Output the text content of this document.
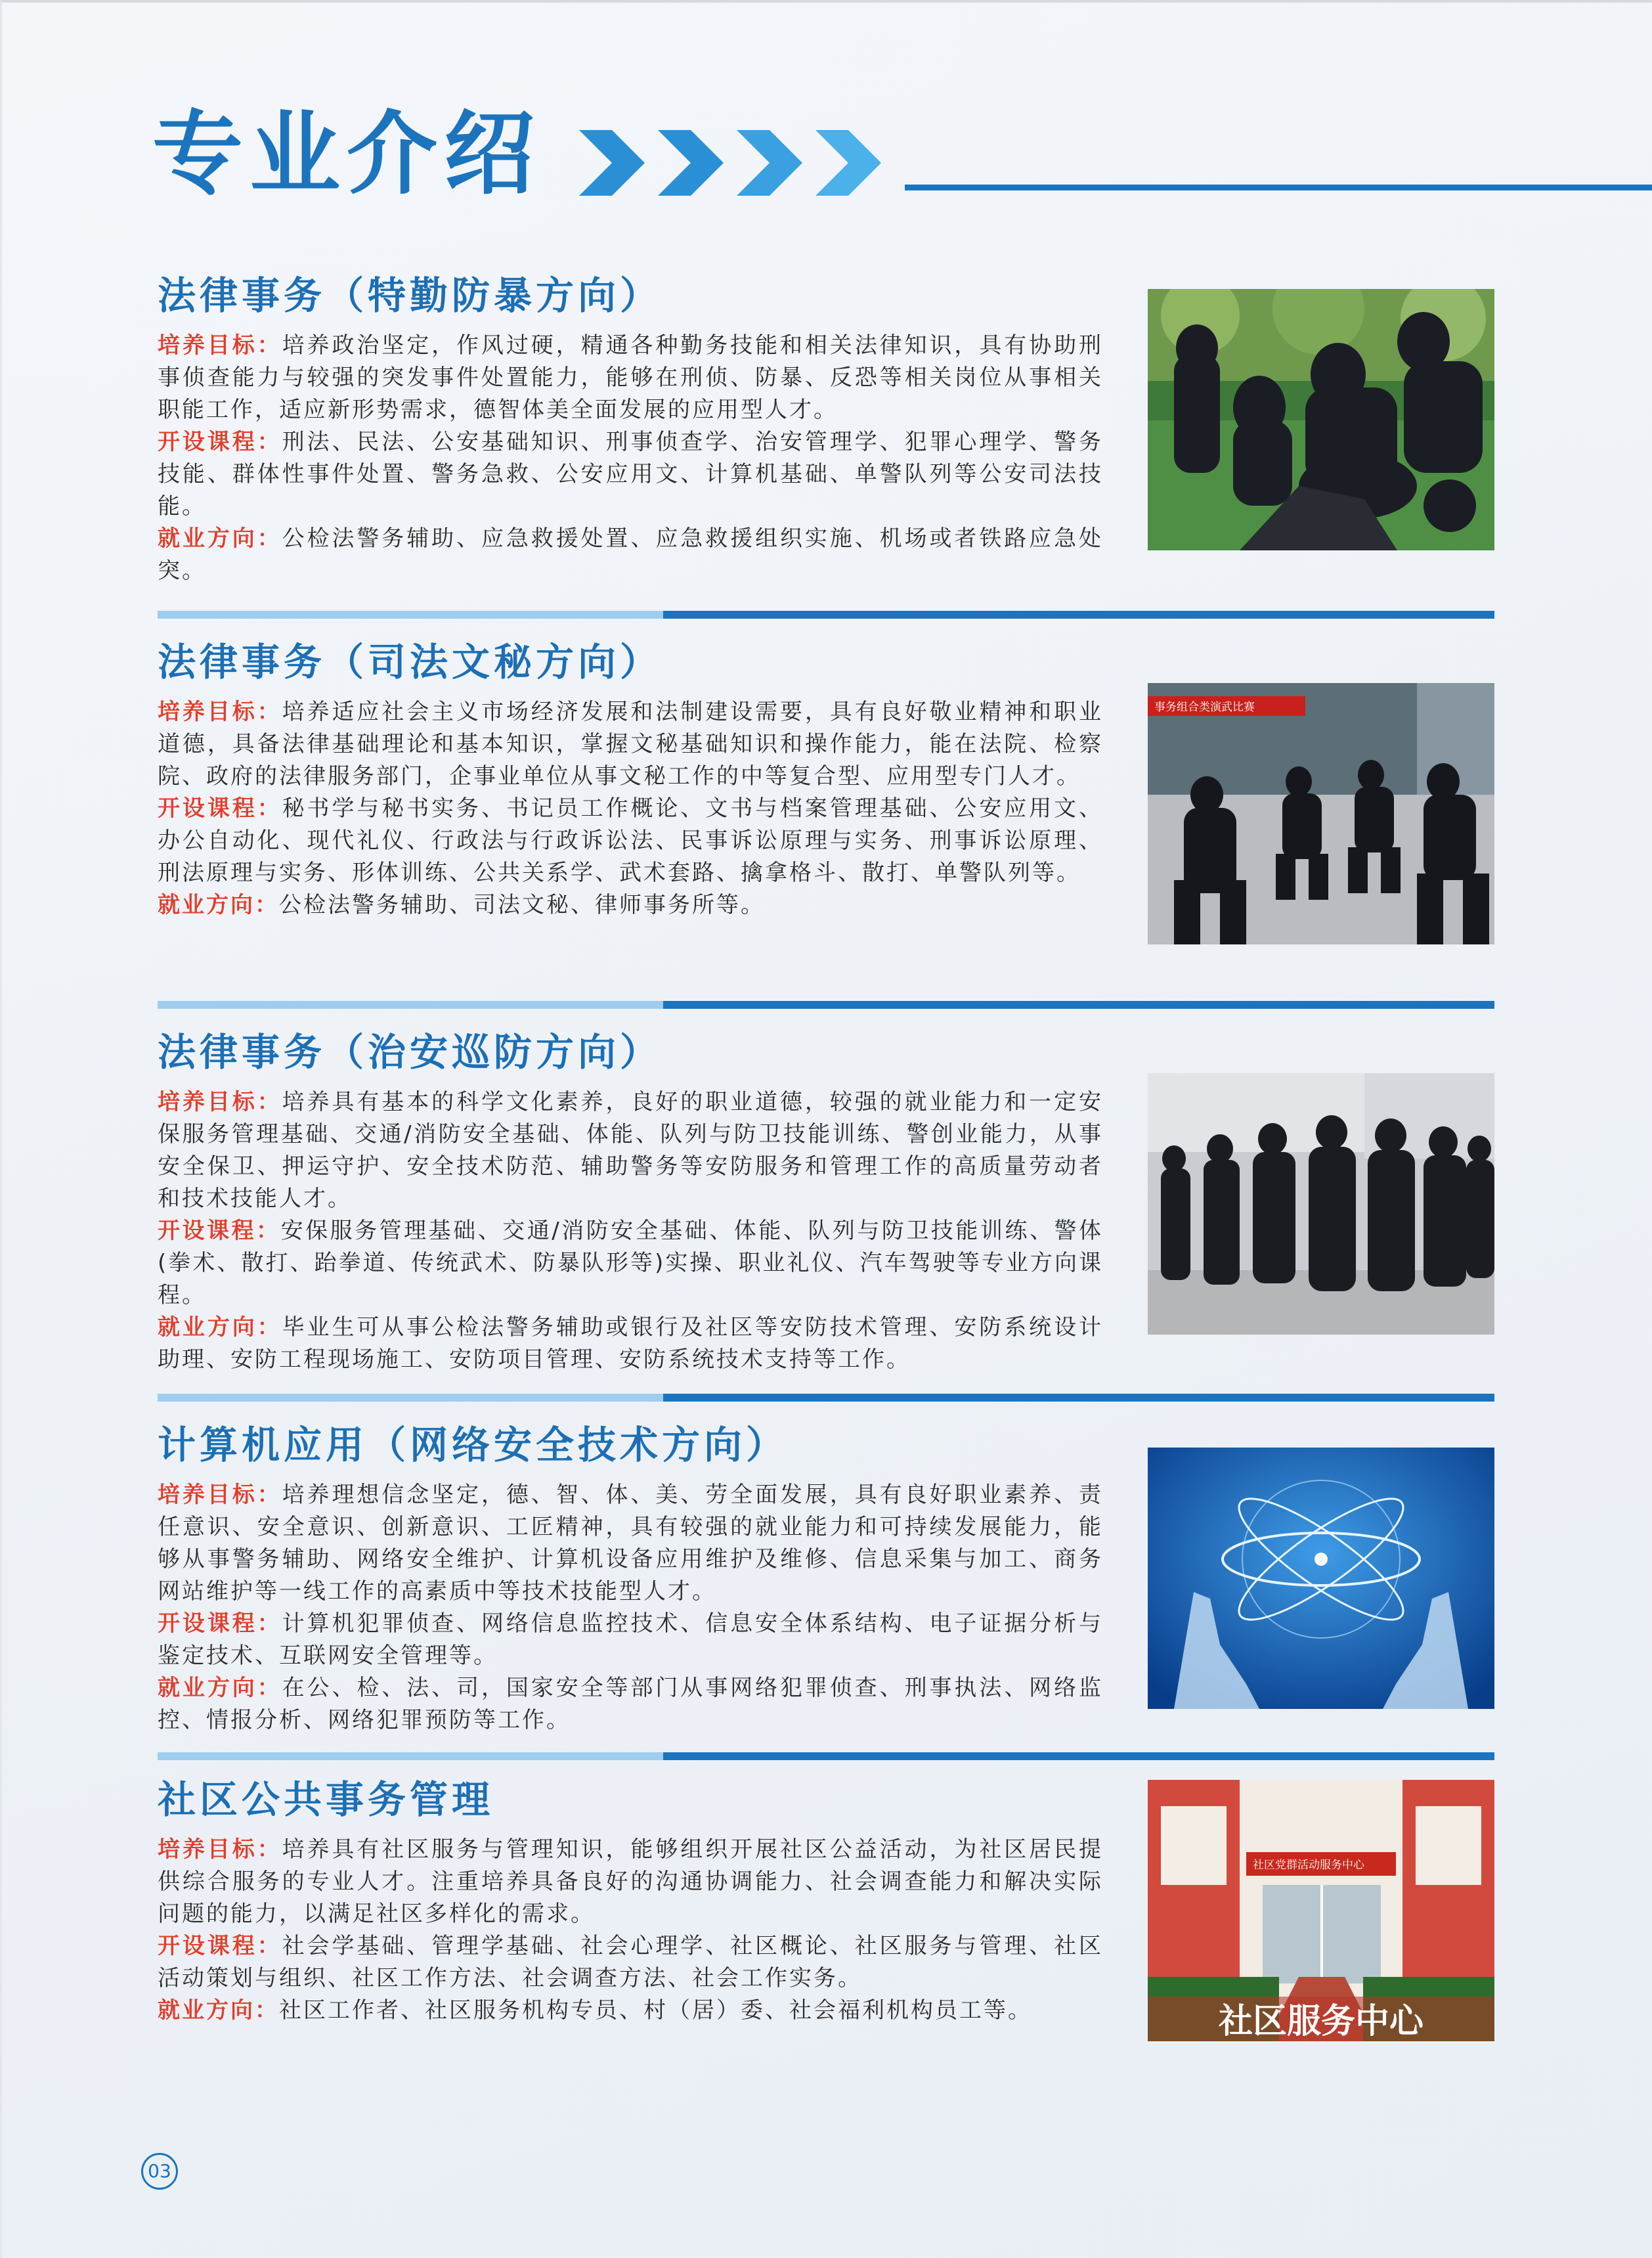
专业介绍
法律事务（特勤防暴方向）

培养目标：培养政治坚定，作风过硬，精通各种勤务技能和相关法律知识，具有协助刑事侦查能力与较强的突发事件处置能力，能够在刑侦、防暴、反恐等相关岗位从事相关职能工作，适应新形势需求，德智体美全面发展的应用型人才。

开设课程：刑法、民法、公安基础知识、刑事侦查学、治安管理学、犯罪心理学、警务技能、群体性事件处置、警务急救、公安应用文、计算机基础、单警队列等公安司法技能。

就业方向：公检法警务辅助、应急救援处置、应急救援组织实施、机场或者铁路应急处突。

法律事务（司法文秘方向）

培养目标：培养适应社会主义市场经济发展和法制建设需要，具有良好敬业精神和职业道德，具备法律基础理论和基本知识，掌握文秘基础知识和操作能力，能在法院、检察院、政府的法律服务部门，企事业单位从事文秘工作的中等复合型、应用型专门人才。

开设课程：秘书学与秘书实务、书记员工作概论、文书与档案管理基础、公安应用文、办公自动化、现代礼仪、行政法与行政诉讼法、民事诉讼原理与实务、刑事诉讼原理、刑法原理与实务、形体训练、公共关系学、武术套路、擒拿格斗、散打、单警队列等。

就业方向：公检法警务辅助、司法文秘、律师事务所等。

事务组合类演武比赛
法律事务（治安巡防方向）

培养目标：培养具有基本的科学文化素养，良好的职业道德，较强的就业能力和一定安保服务管理基础、交通/消防安全基础、体能、队列与防卫技能训练、警创业能力，从事安全保卫、押运守护、安全技术防范、辅助警务等安防服务和管理工作的高质量劳动者和技术技能人才。

开设课程：安保服务管理基础、交通/消防安全基础、体能、队列与防卫技能训练、警体(拳术、散打、跆拳道、传统武术、防暴队形等)实操、职业礼仪、汽车驾驶等专业方向课程。

就业方向：毕业生可从事公检法警务辅助或银行及社区等安防技术管理、安防系统设计助理、安防工程现场施工、安防项目管理、安防系统技术支持等工作。

计算机应用（网络安全技术方向）

培养目标：培养理想信念坚定，德、智、体、美、劳全面发展，具有良好职业素养、责任意识、安全意识、创新意识、工匠精神，具有较强的就业能力和可持续发展能力，能够从事警务辅助、网络安全维护、计算机设备应用维护及维修、信息采集与加工、商务网站维护等一线工作的高素质中等技术技能型人才。

开设课程：计算机犯罪侦查、网络信息监控技术、信息安全体系结构、电子证据分析与鉴定技术、互联网安全管理等。

就业方向：在公、检、法、司，国家安全等部门从事网络犯罪侦查、刑事执法、网络监控、情报分析、网络犯罪预防等工作。

社区公共事务管理

培养目标：培养具有社区服务与管理知识，能够组织开展社区公益活动，为社区居民提供综合服务的专业人才。注重培养具备良好的沟通协调能力、社会调查能力和解决实际问题的能力，以满足社区多样化的需求。

开设课程：社会学基础、管理学基础、社会心理学、社区概论、社区服务与管理、社区活动策划与组织、社区工作方法、社会调查方法、社会工作实务。

就业方向：社区工作者、社区服务机构专员、村（居）委、社会福利机构员工等。

社区党群活动服务中心
社区服务中心
03
